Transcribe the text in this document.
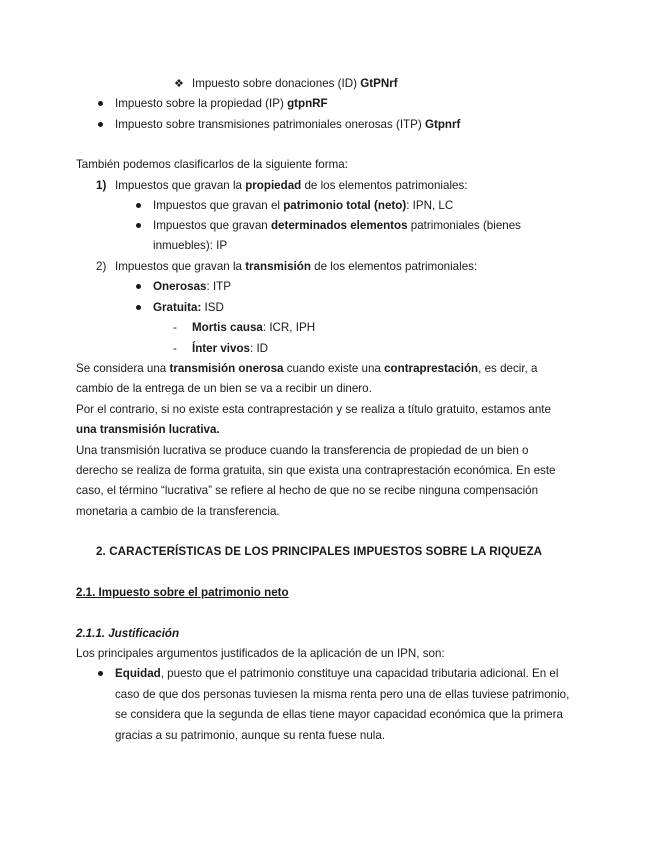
❖ Impuesto sobre donaciones (ID) GtPNrf
Impuesto sobre la propiedad (IP) gtpnRF
Impuesto sobre transmisiones patrimoniales onerosas (ITP) Gtpnrf
También podemos clasificarlos de la siguiente forma:
1) Impuestos que gravan la propiedad de los elementos patrimoniales:
Impuestos que gravan el patrimonio total (neto): IPN, LC
Impuestos que gravan determinados elementos patrimoniales (bienes
inmuebles): IP
2) Impuestos que gravan la transmisión de los elementos patrimoniales:
Onerosas: ITP
Gratuita: ISD
- Mortis causa: ICR, IPH
- Ínter vivos: ID
Se considera una transmisión onerosa cuando existe una contraprestación, es decir, a
cambio de la entrega de un bien se va a recibir un dinero.
Por el contrario, si no existe esta contraprestación y se realiza a título gratuito, estamos ante
una transmisión lucrativa.
Una transmisión lucrativa se produce cuando la transferencia de propiedad de un bien o
derecho se realiza de forma gratuita, sin que exista una contraprestación económica. En este
caso, el término “lucrativa” se refiere al hecho de que no se recibe ninguna compensación
monetaria a cambio de la transferencia.
2. CARACTERÍSTICAS DE LOS PRINCIPALES IMPUESTOS SOBRE LA RIQUEZA
2.1. Impuesto sobre el patrimonio neto
2.1.1. Justificación
Los principales argumentos justificados de la aplicación de un IPN, son:
Equidad, puesto que el patrimonio constituye una capacidad tributaria adicional. En el
caso de que dos personas tuviesen la misma renta pero una de ellas tuviese patrimonio,
se considera que la segunda de ellas tiene mayor capacidad económica que la primera
gracias a su patrimonio, aunque su renta fuese nula.
